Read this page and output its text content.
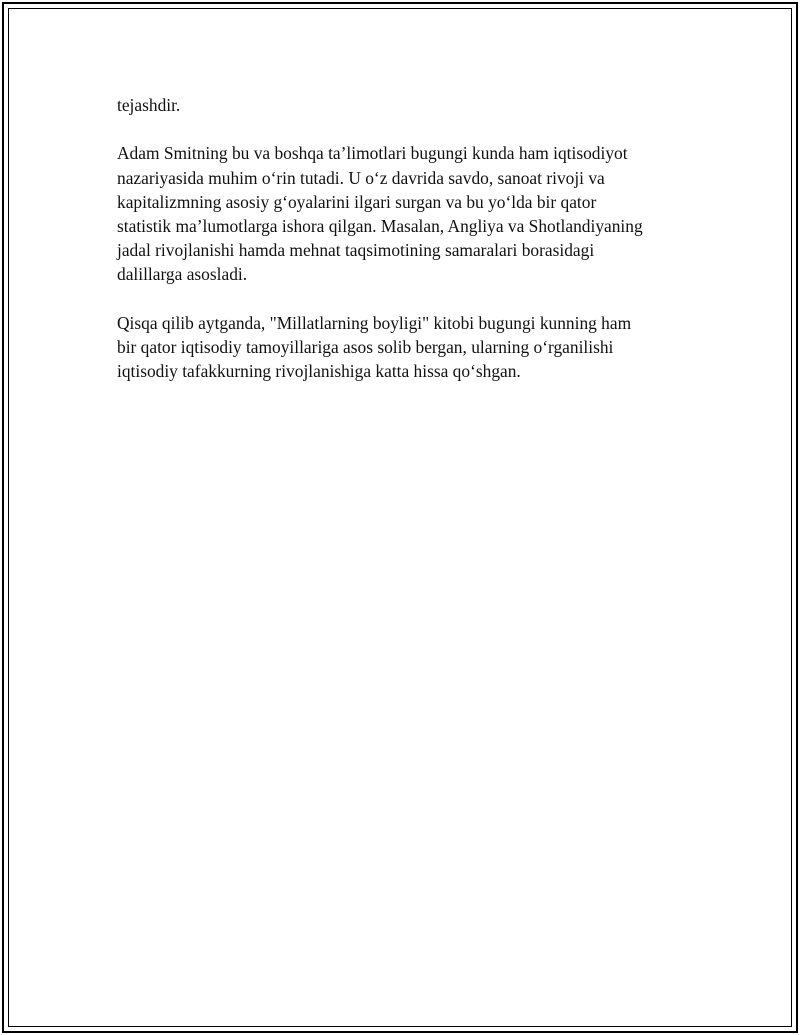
tejashdir.

Adam Smitning bu va boshqa ta’limotlari bugungi kunda ham iqtisodiyot
nazariyasida muhim o‘rin tutadi. U o‘z davrida savdo, sanoat rivoji va
kapitalizmning asosiy g‘oyalarini ilgari surgan va bu yo‘lda bir qator
statistik ma’lumotlarga ishora qilgan. Masalan, Angliya va Shotlandiyaning
jadal rivojlanishi hamda mehnat taqsimotining samaralari borasidagi
dalillarga asosladi.

Qisqa qilib aytganda, "Millatlarning boyligi" kitobi bugungi kunning ham
bir qator iqtisodiy tamoyillariga asos solib bergan, ularning o‘rganilishi
iqtisodiy tafakkurning rivojlanishiga katta hissa qo‘shgan.
